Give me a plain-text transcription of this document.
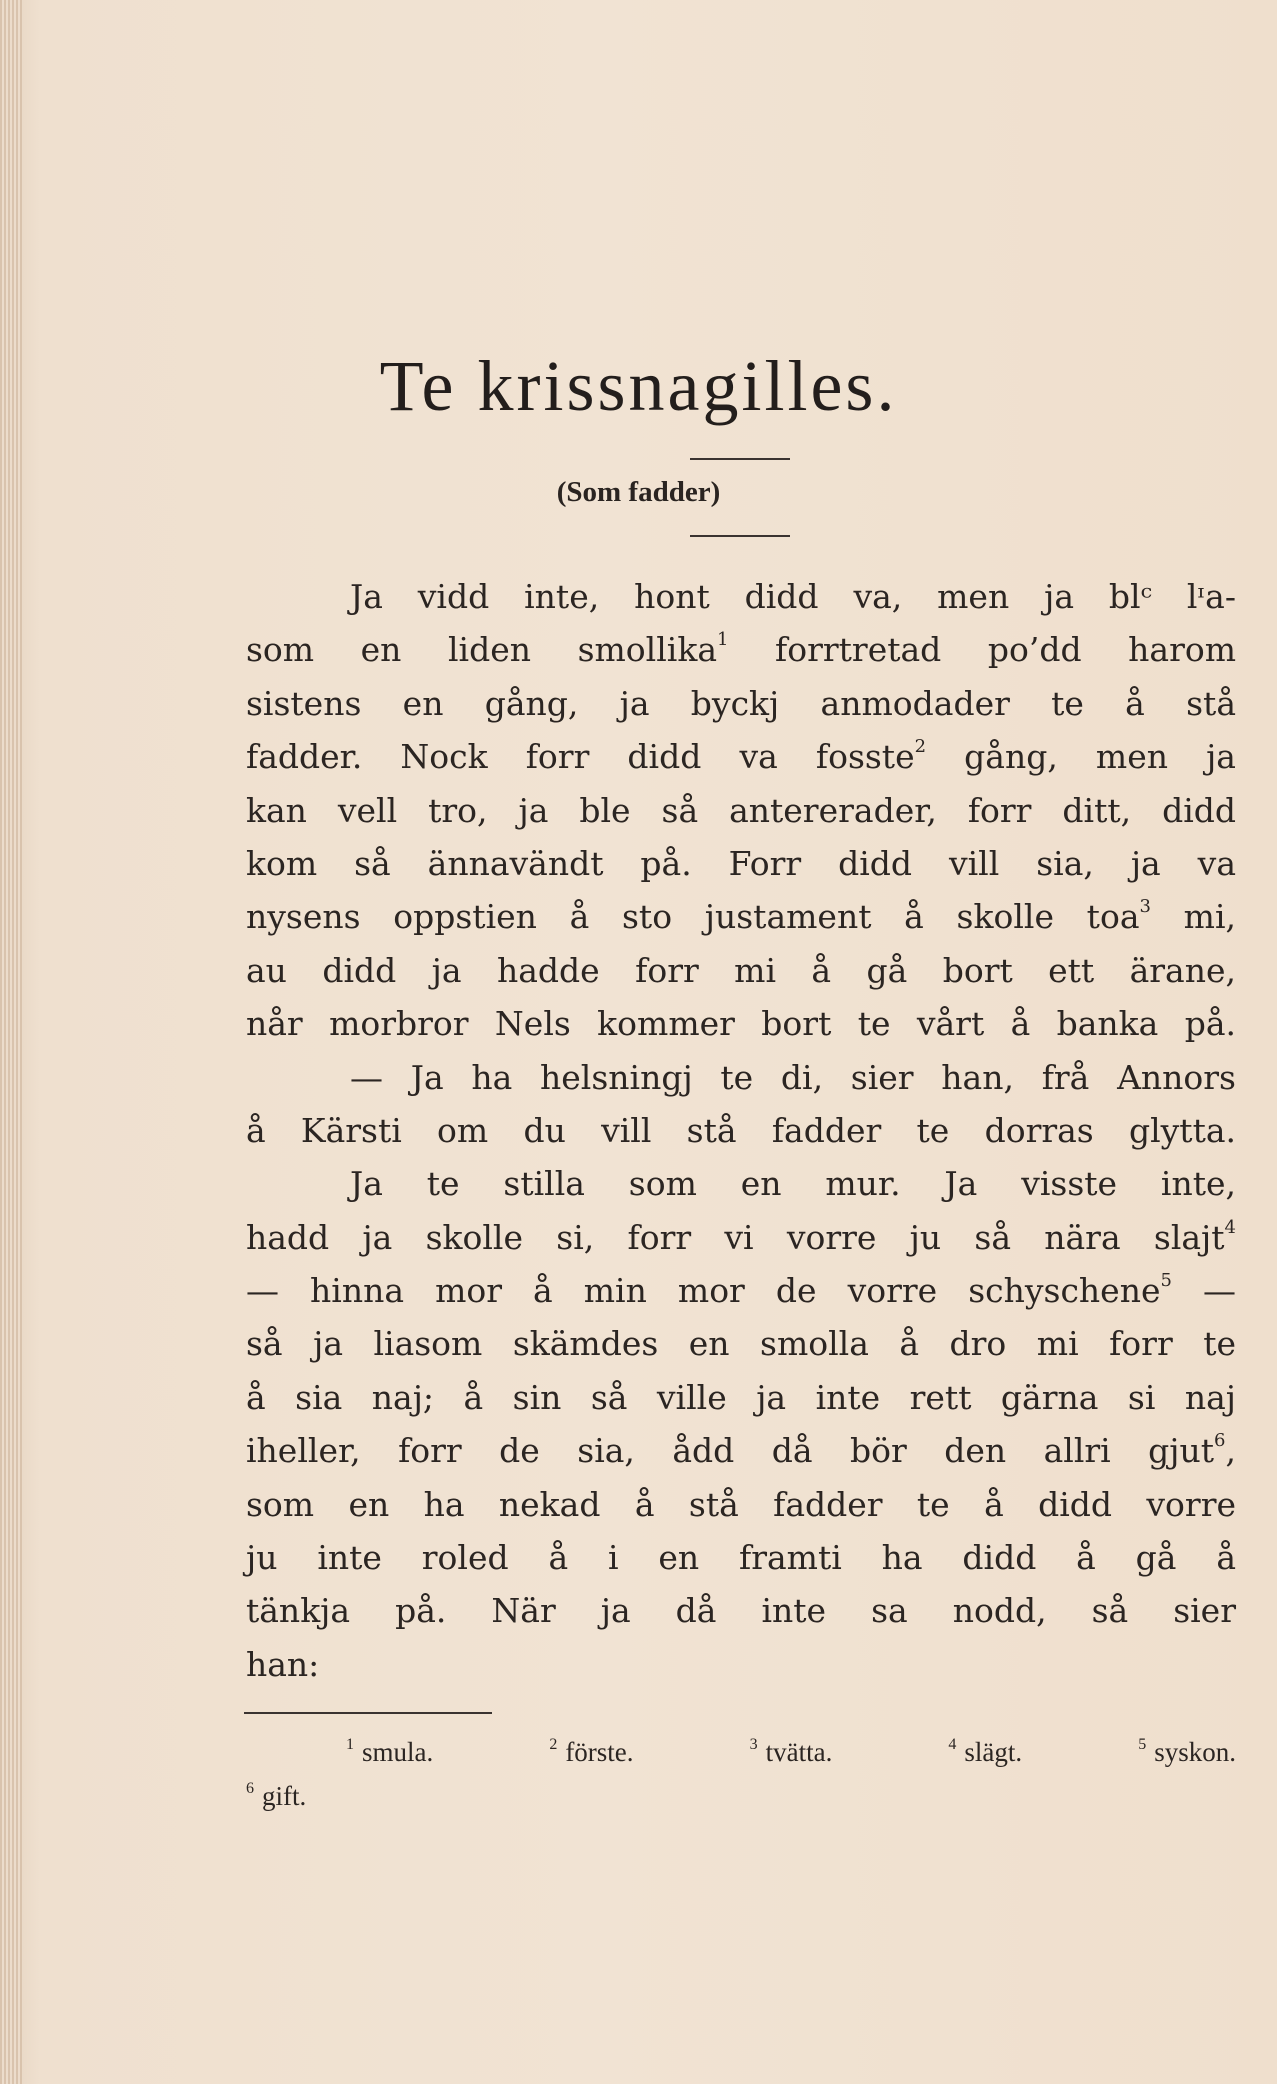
Te krissnagilles.
(Som fadder)
Ja vidd inte, hont didd va, men ja blᶜ lᶦa-
som en liden smollika$^1$ forrtretad po’dd harom
sistens en gång, ja byckj anmodader te å stå
fadder. Nock forr didd va fosste$^2$ gång, men ja
kan vell tro, ja ble så antererader, forr ditt, didd
kom så ännavändt på. Forr didd vill sia, ja va
nysens oppstien å sto justament å skolle toa$^3$ mi,
au didd ja hadde forr mi å gå bort ett ärane,
når morbror Nels kommer bort te vårt å banka på.
— Ja ha helsningj te di, sier han, frå Annors
å Kärsti om du vill stå fadder te dorras glytta.
Ja te stilla som en mur. Ja visste inte,
hadd ja skolle si, forr vi vorre ju så nära slajt$^4$
— hinna mor å min mor de vorre schyschene$^5$ —
så ja liasom skämdes en smolla å dro mi forr te
å sia naj; å sin så ville ja inte rett gärna si naj
iheller, forr de sia, ådd då bör den allri gjut$^6$,
som en ha nekad å stå fadder te å didd vorre
ju inte roled å i en framti ha didd å gå å
tänkja på. När ja då inte sa nodd, så sier
han:
$^1$ smula.	$^2$ förste.	$^3$ tvätta.	$^4$ slägt.	$^5$ syskon.
$^6$ gift.
